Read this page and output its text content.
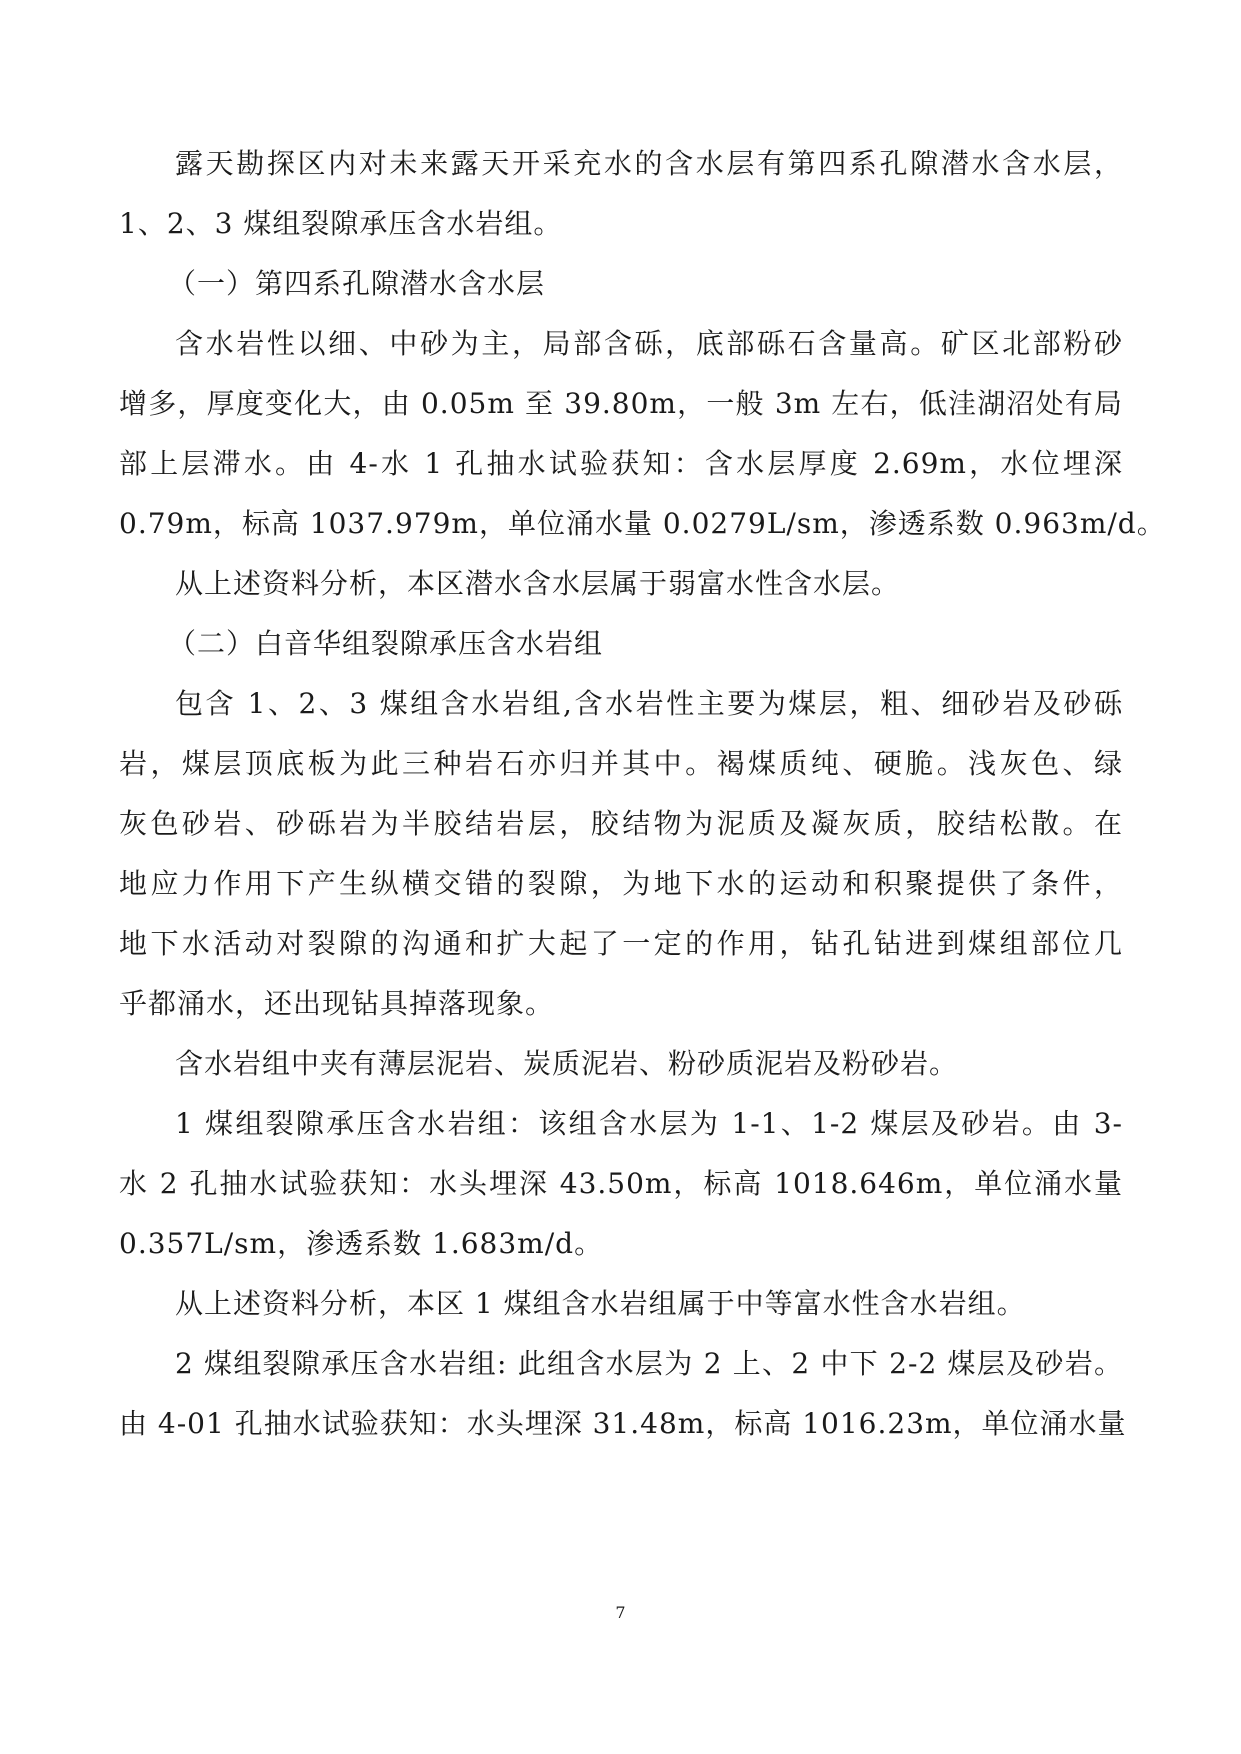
露天勘探区内对未来露天开采充水的含水层有第四系孔隙潜水含水层，
1、2、3 煤组裂隙承压含水岩组。
（一）第四系孔隙潜水含水层
含水岩性以细、中砂为主，局部含砾，底部砾石含量高。矿区北部粉砂
增多，厚度变化大，由 0.05m 至 39.80m，一般 3m 左右，低洼湖沼处有局
部上层滞水。由 4-水 1 孔抽水试验获知：含水层厚度 2.69m，水位埋深
0.79m，标高 1037.979m，单位涌水量 0.0279L/sm，渗透系数 0.963m/d。
从上述资料分析，本区潜水含水层属于弱富水性含水层。
（二）白音华组裂隙承压含水岩组
包含 1、2、3 煤组含水岩组,含水岩性主要为煤层，粗、细砂岩及砂砾
岩，煤层顶底板为此三种岩石亦归并其中。褐煤质纯、硬脆。浅灰色、绿
灰色砂岩、砂砾岩为半胶结岩层，胶结物为泥质及凝灰质，胶结松散。在
地应力作用下产生纵横交错的裂隙，为地下水的运动和积聚提供了条件，
地下水活动对裂隙的沟通和扩大起了一定的作用，钻孔钻进到煤组部位几
乎都涌水，还出现钻具掉落现象。
含水岩组中夹有薄层泥岩、炭质泥岩、粉砂质泥岩及粉砂岩。
1 煤组裂隙承压含水岩组：该组含水层为 1-1、1-2 煤层及砂岩。由 3-
水 2 孔抽水试验获知：水头埋深 43.50m，标高 1018.646m，单位涌水量
0.357L/sm，渗透系数 1.683m/d。
从上述资料分析，本区 1 煤组含水岩组属于中等富水性含水岩组。
2 煤组裂隙承压含水岩组: 此组含水层为 2 上、2 中下 2-2 煤层及砂岩。
由 4-01 孔抽水试验获知：水头埋深 31.48m，标高 1016.23m，单位涌水量
7
